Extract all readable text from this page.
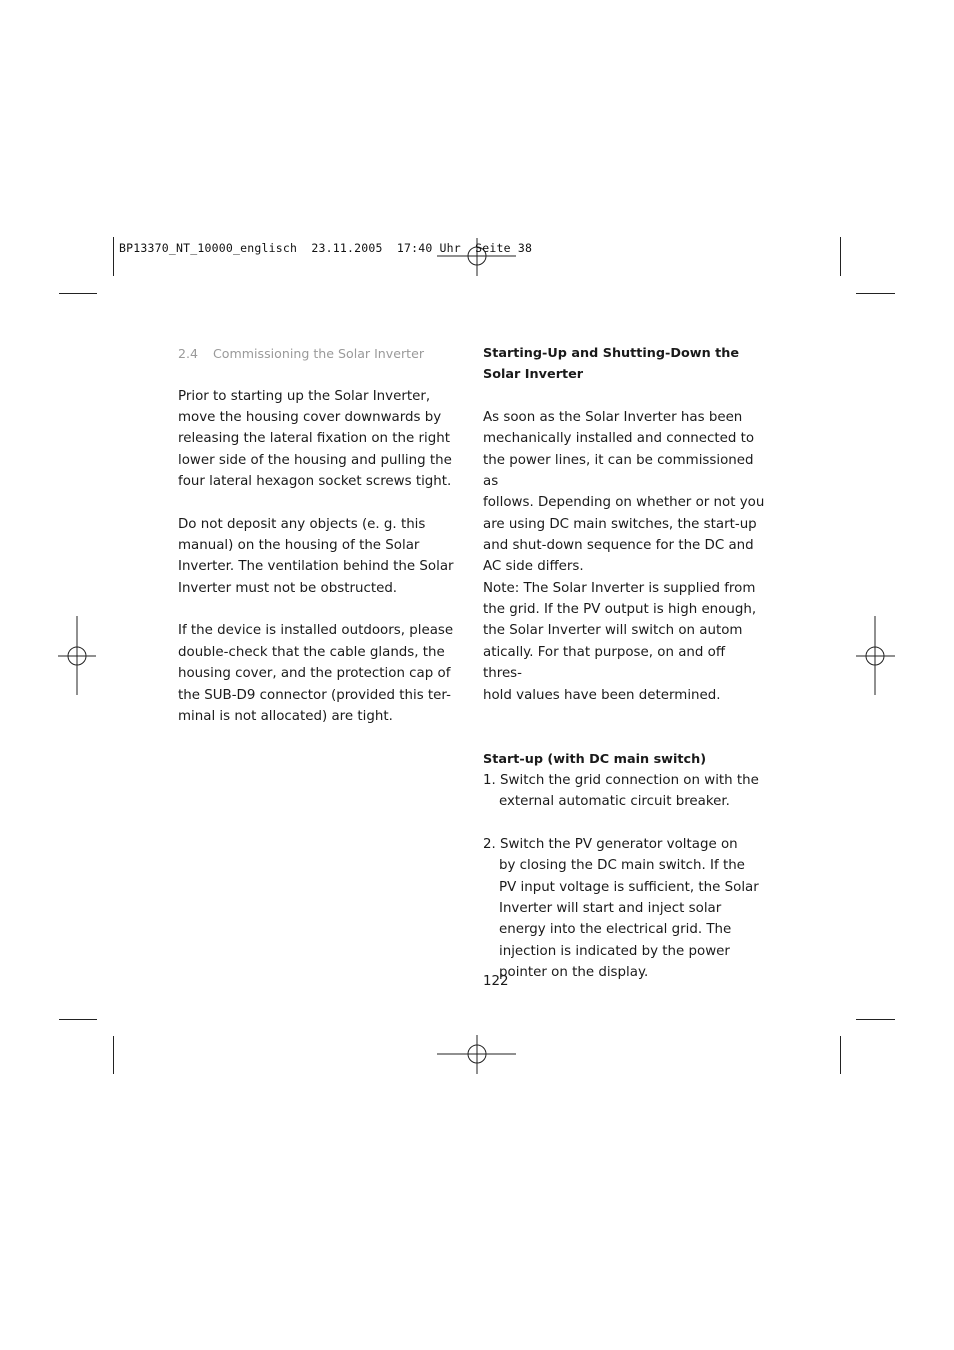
BP13370_NT_10000_englisch  23.11.2005  17:40 Uhr  Seite 38

2.4 Commissioning the Solar Inverter

Prior to starting up the Solar Inverter,

move the housing cover downwards by

releasing the lateral fixation on the right

lower side of the housing and pulling the

four lateral hexagon socket screws tight.

Do not deposit any objects (e. g. this

manual) on the housing of the Solar

Inverter. The ventilation behind the Solar

Inverter must not be obstructed.

If the device is installed outdoors, please

double-check that the cable glands, the

housing cover, and the protection cap of

the SUB-D9 connector (provided this ter-

minal is not allocated) are tight.

Starting-Up and Shutting-Down the

Solar Inverter

As soon as the Solar Inverter has been

mechanically installed and connected to

the power lines, it can be commissioned as

follows. Depending on whether or not you

are using DC main switches, the start-up

and shut-down sequence for the DC and

AC side differs.

Note: The Solar Inverter is supplied from

the grid. If the PV output is high enough,

the Solar Inverter will switch on autom

atically. For that purpose, on and off thres-

hold values have been determined.

Start-up (with DC main switch)

1. Switch the grid connection on with the

external automatic circuit breaker.

2. Switch the PV generator voltage on

by closing the DC main switch. If the

PV input voltage is sufficient, the Solar

Inverter will start and inject solar

energy into the electrical grid. The

injection is indicated by the power

pointer on the display.

122
